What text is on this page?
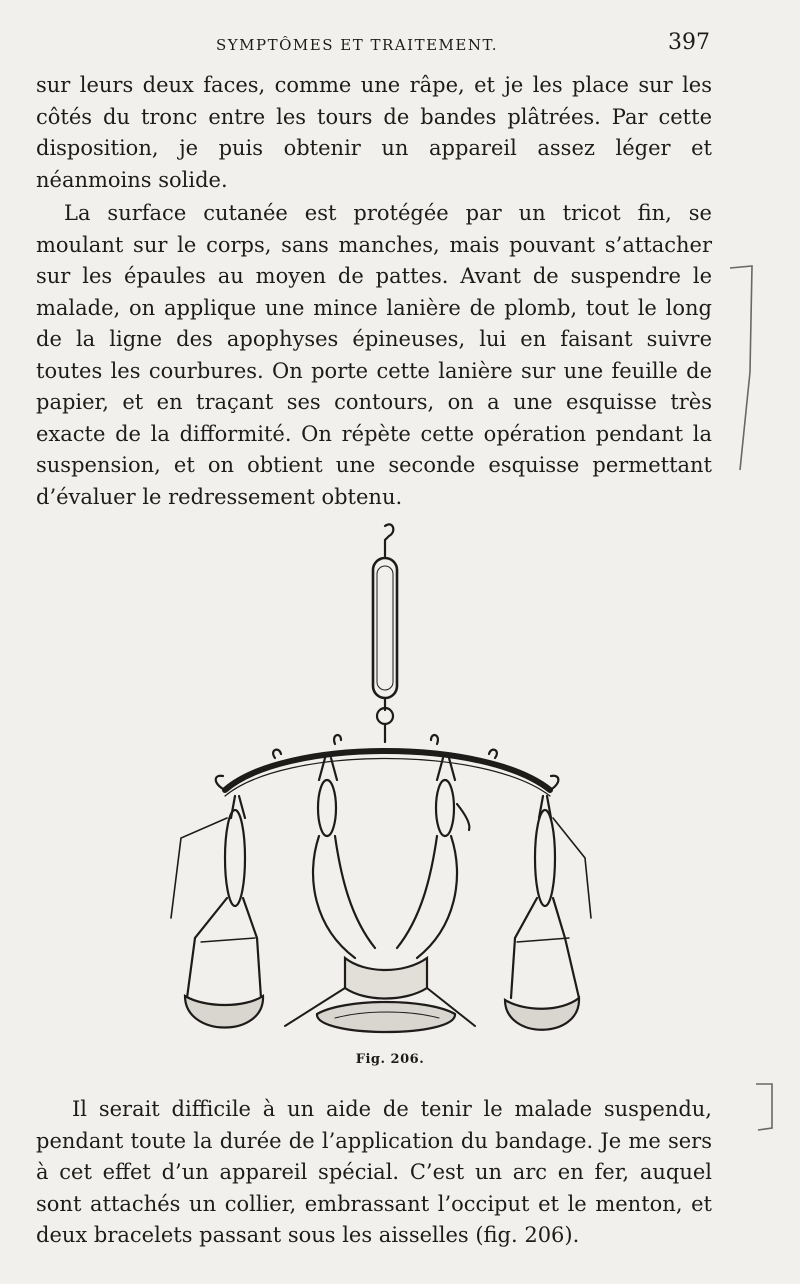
SYMPTÔMES ET TRAITEMENT.	397

sur leurs deux faces, comme une râpe, et je les place sur les côtés du tronc entre les tours de bandes plâtrées. Par cette disposition, je puis obtenir un appareil assez léger et néanmoins solide.

La surface cutanée est protégée par un tricot fin, se moulant sur le corps, sans manches, mais pouvant s’attacher sur les épaules au moyen de pattes. Avant de suspendre le malade, on applique une mince lanière de plomb, tout le long de la ligne des apophyses épineuses, lui en faisant suivre toutes les courbures. On porte cette lanière sur une feuille de papier, et en traçant ses contours, on a une esquisse très exacte de la difformité. On répète cette opération pendant la suspension, et on obtient une seconde esquisse permettant d’évaluer le redressement obtenu.

Fig. 206.

Il serait difficile à un aide de tenir le malade suspendu, pendant toute la durée de l’application du bandage. Je me sers à cet effet d’un appareil spécial. C’est un arc en fer, auquel sont attachés un collier, embrassant l’occiput et le menton, et deux bracelets passant sous les aisselles (fig. 206).
